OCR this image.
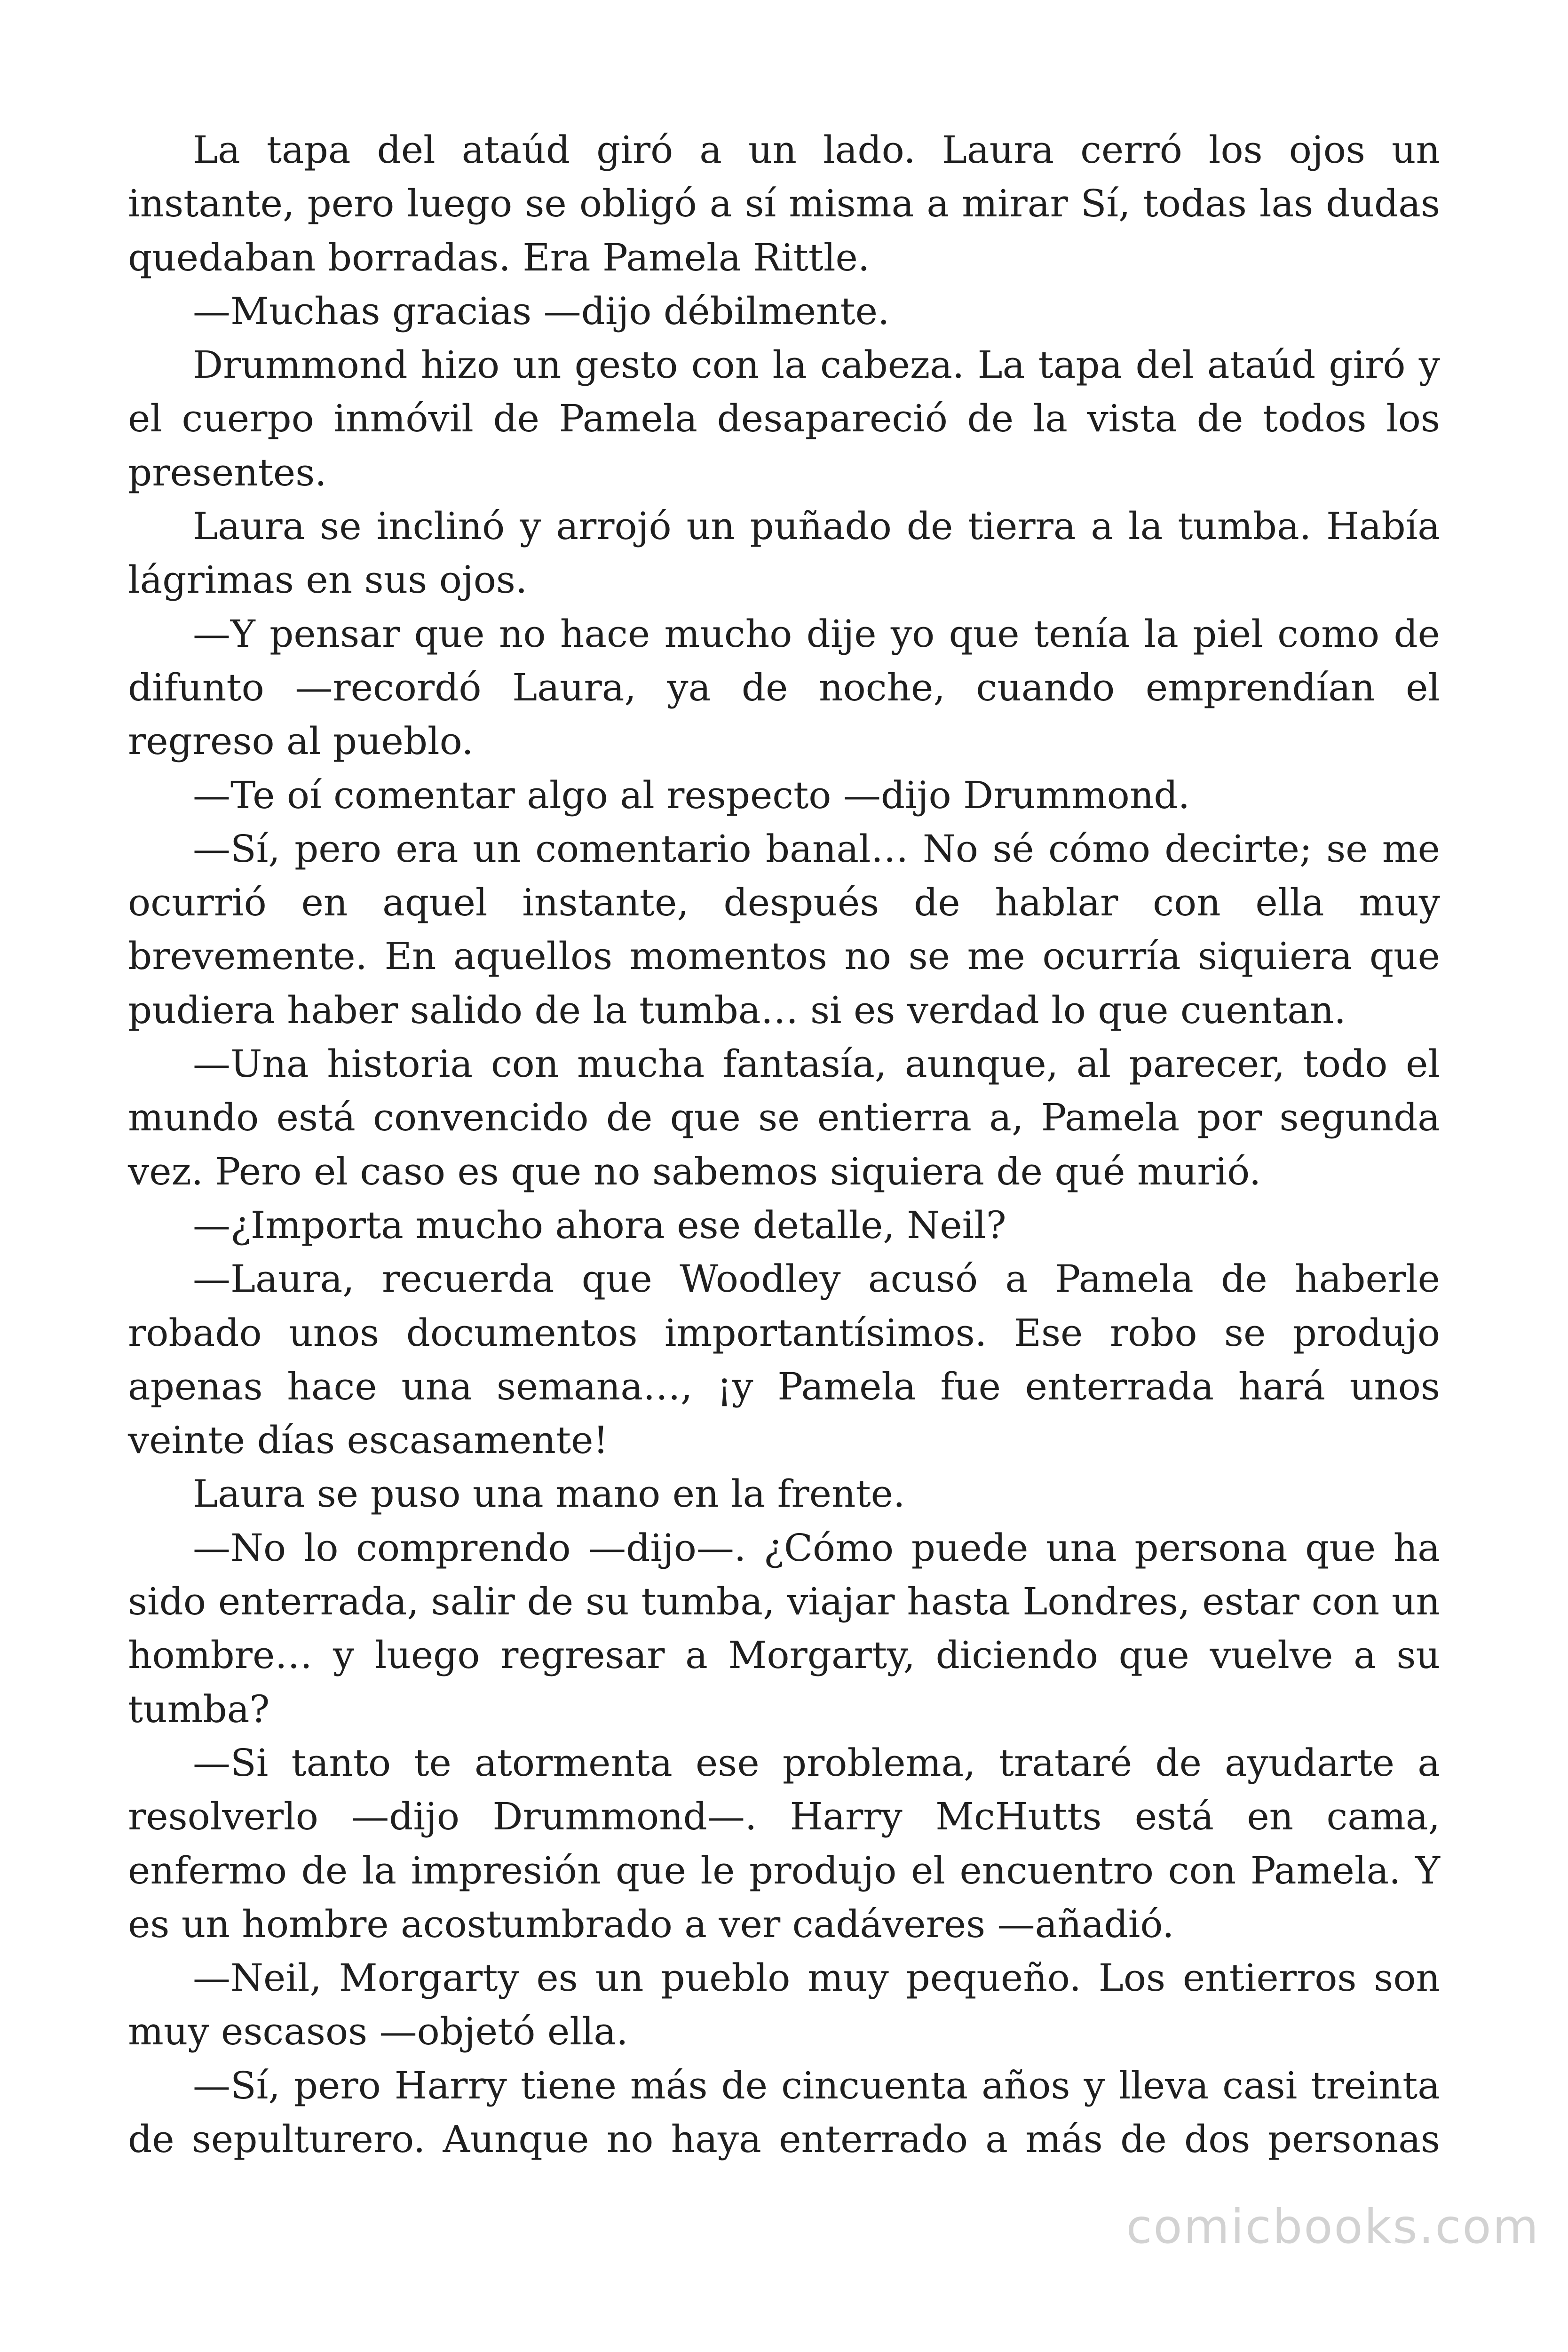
La tapa del ataúd giró a un lado. Laura cerró los ojos un instante, pero luego se obligó a sí misma a mirar Sí, todas las dudas quedaban borradas. Era Pamela Rittle.

—Muchas gracias —dijo débilmente.

Drummond hizo un gesto con la cabeza. La tapa del ataúd giró y el cuerpo inmóvil de Pamela desapareció de la vista de todos los presentes.

Laura se inclinó y arrojó un puñado de tierra a la tumba. Había lágrimas en sus ojos.

—Y pensar que no hace mucho dije yo que tenía la piel como de difunto —recordó Laura, ya de noche, cuando emprendían el regreso al pueblo.

—Te oí comentar algo al respecto —dijo Drummond.

—Sí, pero era un comentario banal… No sé cómo decirte; se me ocurrió en aquel instante, después de hablar con ella muy brevemente. En aquellos momentos no se me ocurría siquiera que pudiera haber salido de la tumba… si es verdad lo que cuentan.

—Una historia con mucha fantasía, aunque, al parecer, todo el mundo está convencido de que se entierra a, Pamela por segunda vez. Pero el caso es que no sabemos siquiera de qué murió.

—¿Importa mucho ahora ese detalle, Neil?

—Laura, recuerda que Woodley acusó a Pamela de haberle robado unos documentos importantísimos. Ese robo se produjo apenas hace una semana…, ¡y Pamela fue enterrada hará unos veinte días escasamente!

Laura se puso una mano en la frente.

—No lo comprendo —dijo—. ¿Cómo puede una persona que ha sido enterrada, salir de su tumba, viajar hasta Londres, estar con un hombre… y luego regresar a Morgarty, diciendo que vuelve a su tumba?

—Si tanto te atormenta ese problema, trataré de ayudarte a resolverlo —dijo Drummond—. Harry McHutts está en cama, enfermo de la impresión que le produjo el encuentro con Pamela. Y es un hombre acostumbrado a ver cadáveres —añadió.

—Neil, Morgarty es un pueblo muy pequeño. Los entierros son muy escasos —objetó ella.

—Sí, pero Harry tiene más de cincuenta años y lleva casi treinta de sepulturero. Aunque no haya enterrado a más de dos personas

comicbooks.com
